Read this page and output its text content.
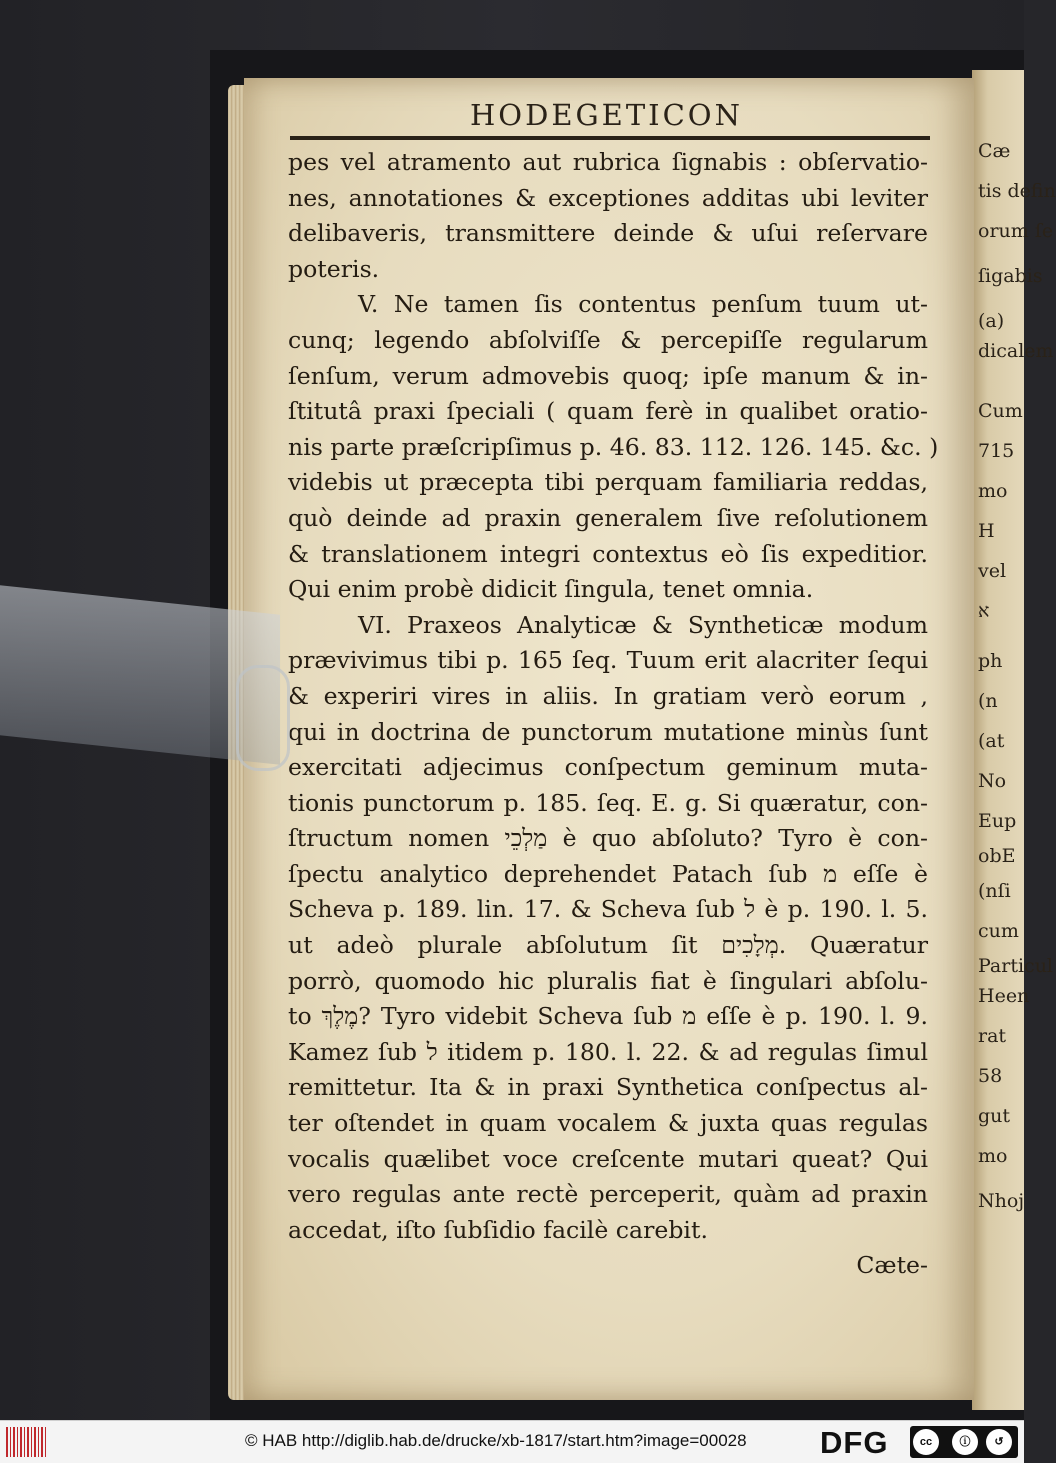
Cæ
tis defin
orum ſe
ſigabis
(a)
dicalem
Cum
715
mo
H
vel
א
ph
(n
(at
No
Eup
obE
(nſi
cum
Particul
Heen
rat
58
gut
mo
Nhoj
HODEGETICON
pes vel atramento aut rubrica ſignabis : obſervatio-
nes, annotationes & exceptiones additas ubi leviter
delibaveris, transmittere deinde & uſui reſervare
poteris.
V. Ne tamen ſis contentus penſum tuum ut-
cunq; legendo abſolviſſe & percepiſſe regularum
ſenſum, verum admovebis quoq; ipſe manum & in-
ſtitutâ praxi ſpeciali ( quam ferè in qualibet oratio-
nis parte præſcripſimus p. 46. 83. 112. 126. 145. &c. )
videbis ut præcepta tibi perquam familiaria reddas,
quò deinde ad praxin generalem ſive reſolutionem
& translationem integri contextus eò ſis expeditior.
Qui enim probè didicit ſingula, tenet omnia.
VI. Praxeos Analyticæ & Syntheticæ modum
prævivimus tibi p. 165 ſeq. Tuum erit alacriter ſequi
& experiri vires in aliis. In gratiam verò eorum ,
qui in doctrina de punctorum mutatione minùs ſunt
exercitati adjecimus conſpectum geminum muta-
tionis punctorum p. 185. ſeq. E. g. Si quæratur, con-
ſtructum nomen מַלְכֵי è quo abſoluto? Tyro è con-
ſpectu analytico deprehendet Patach ſub מ eſſe è
Scheva p. 189. lin. 17. & Scheva ſub ל è p. 190. l. 5.
ut adeò plurale abſolutum ſit מְלָכִים. Quæratur
porrò, quomodo hic pluralis fiat è ſingulari abſolu-
to מֶלֶךְ? Tyro videbit Scheva ſub מ eſſe è p. 190. l. 9.
Kamez ſub ל itidem p. 180. l. 22. & ad regulas ſimul
remittetur. Ita & in praxi Synthetica conſpectus al-
ter oſtendet in quam vocalem & juxta quas regulas
vocalis quælibet voce creſcente mutari queat? Qui
vero regulas ante rectè perceperit, quàm ad praxin
accedat, iſto ſubſidio facilè carebit.
Cæte-
© HAB http://diglib.hab.de/drucke/xb-1817/start.htm?image=00028 DFG	cc	ⓘ	↺
BY	SA
